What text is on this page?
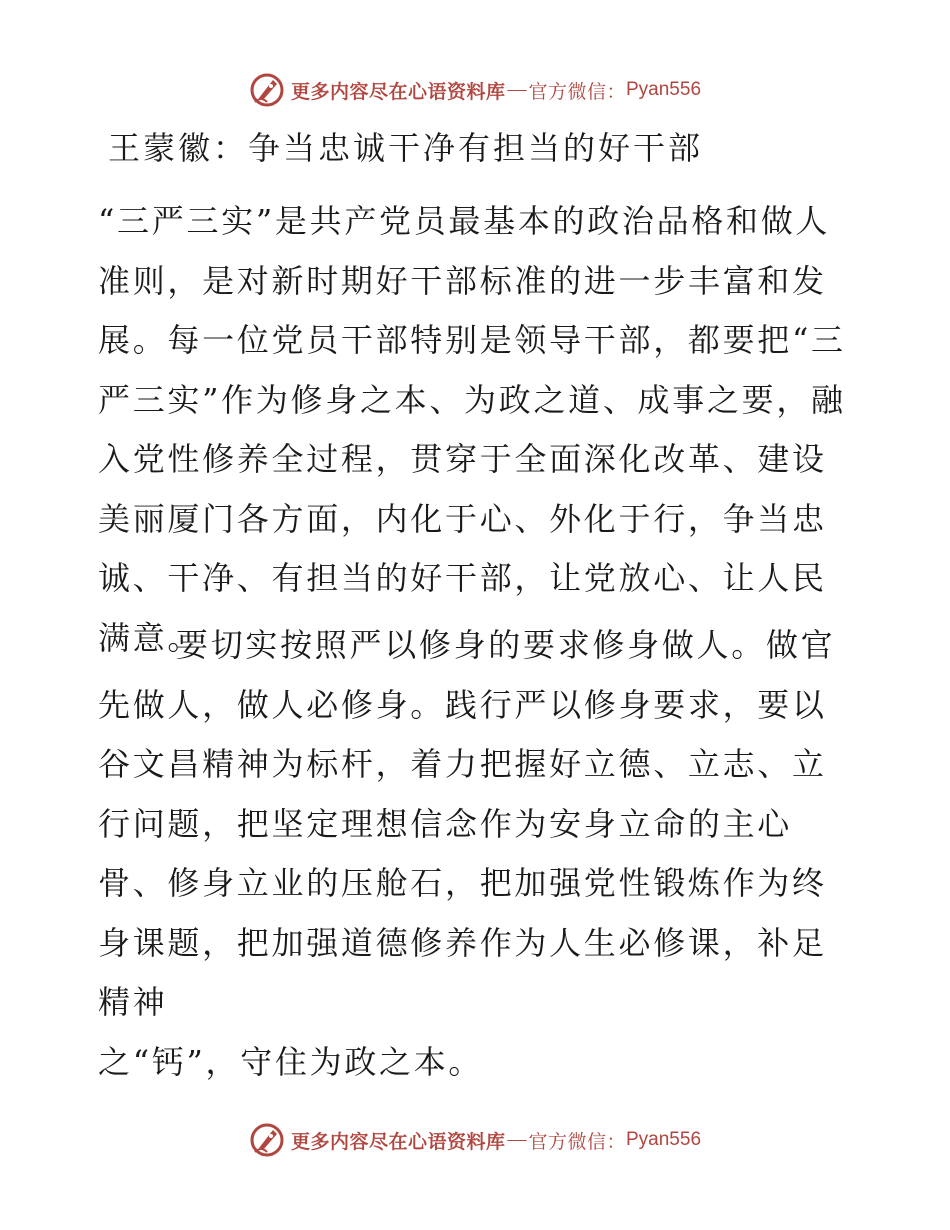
更多内容尽在心语资料库 — 官方微信： Pyan556
王蒙徽：争当忠诚干净有担当的好干部

“三严三实”是共产党员最基本的政治品格和做人准则，是对新时期好干部标准的进一步丰富和发展。每一位党员干部特别是领导干部，都要把“三严三实”作为修身之本、为政之道、成事之要，融入党性修养全过程，贯穿于全面深化改革、建设美丽厦门各方面，内化于心、外化于行，争当忠诚、干净、有担当的好干部，让党放心、让人民满意。

要切实按照严以修身的要求修身做人。做官先做人，做人必修身。践行严以修身要求，要以谷文昌精神为标杆，着力把握好立德、立志、立行问题，把坚定理想信念作为安身立命的主心骨、修身立业的压舱石，把加强党性锻炼作为终身课题，把加强道德修养作为人生必修课，补足精神
之“钙”，守住为政之本。

更多内容尽在心语资料库 — 官方微信： Pyan556
